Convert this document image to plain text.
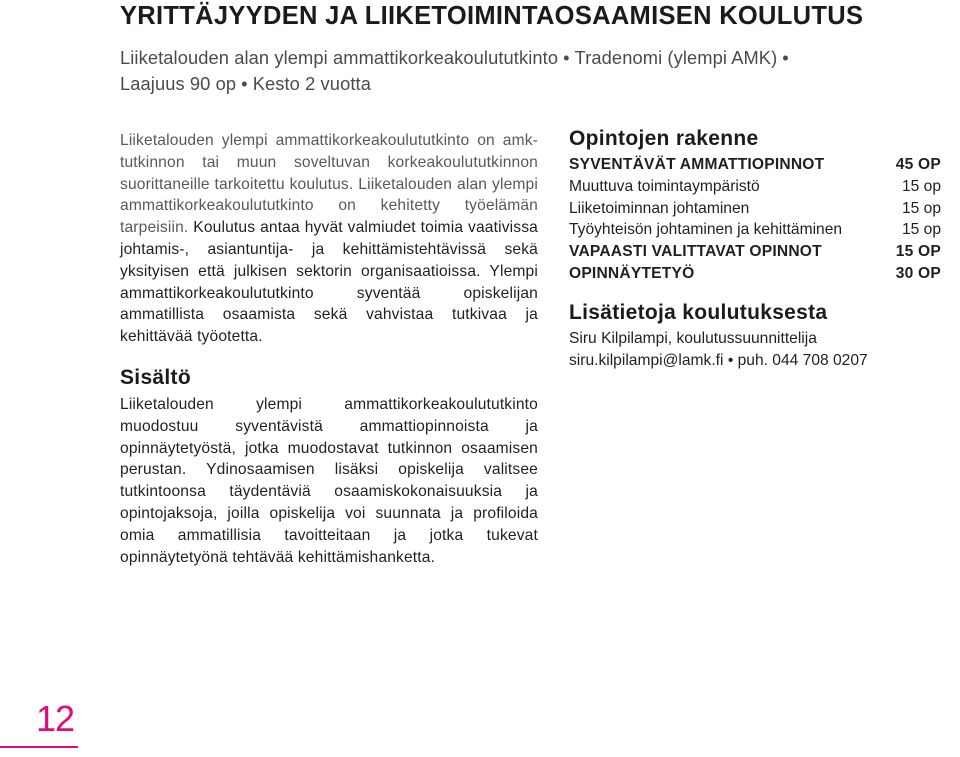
YRITTÄJYYDEN JA LIIKETOIMINTAOSAAMISEN KOULUTUS
Liiketalouden alan ylempi ammattikorkeakoulututkinto • Tradenomi (ylempi AMK) •
Laajuus 90 op • Kesto 2 vuotta

Liiketalouden ylempi ammattikorkeakoulututkinto on amk-tutkinnon tai muun soveltuvan korkeakoulututkinnon suorittaneille tarkoitettu koulutus. Liiketalouden alan ylempi ammattikorkeakoulututkinto on kehitetty työelämän tarpeisiin. Koulutus antaa hyvät valmiudet toimia vaativissa johtamis-, asiantuntija- ja kehittämistehtävissä sekä yksityisen että julkisen sektorin organisaatioissa. Ylempi ammattikorkeakoulututkinto syventää opiskelijan ammatillista osaamista sekä vahvistaa tutkivaa ja kehittävää työotetta.

Sisältö

Liiketalouden ylempi ammattikorkeakoulututkinto muodostuu syventävistä ammattiopinnoista ja opinnäytetyöstä, jotka muodostavat tutkinnon osaamisen perustan. Ydinosaamisen lisäksi opiskelija valitsee tutkintoonsa täydentäviä osaamiskokonaisuuksia ja opintojaksoja, joilla opiskelija voi suunnata ja profiloida omia ammatillisia tavoitteitaan ja jotka tukevat opinnäytetyönä tehtävää kehittämishanketta.

Opintojen rakenne
SYVENTÄVÄT AMMATTIOPINNOT	45 OP
Muuttuva toimintaympäristö	15 op
Liiketoiminnan johtaminen	15 op
Työyhteisön johtaminen ja kehittäminen	15 op
VAPAASTI VALITTAVAT OPINNOT	15 OP
OPINNÄYTETYÖ	30 OP
Lisätietoja koulutuksesta
Siru Kilpilampi, koulutussuunnittelija
siru.kilpilampi@lamk.fi • puh. 044 708 0207
12
